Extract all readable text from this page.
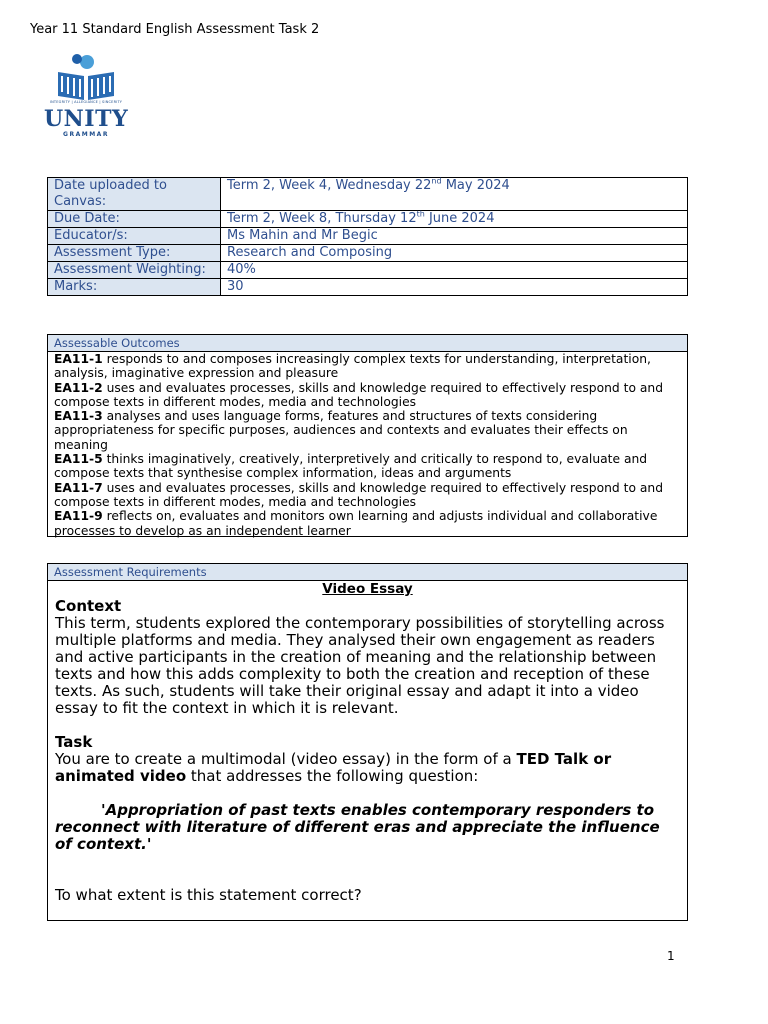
Year 11 Standard English Assessment Task 2
INTEGRITY | ALLEGIANCE | SINCERITY
UNITY
GRAMMAR
Date uploaded to Canvas:	Term 2, Week 4, Wednesday 22nd May 2024
Due Date:	Term 2, Week 8, Thursday 12th June 2024
Educator/s:	Ms Mahin and Mr Begic
Assessment Type:	Research and Composing
Assessment Weighting:	40%
Marks:	30
Assessable Outcomes
EA11-1 responds to and composes increasingly complex texts for understanding, interpretation, analysis, imaginative expression and pleasure
EA11-2 uses and evaluates processes, skills and knowledge required to effectively respond to and compose texts in different modes, media and technologies
EA11-3 analyses and uses language forms, features and structures of texts considering appropriateness for specific purposes, audiences and contexts and evaluates their effects on meaning
EA11-5 thinks imaginatively, creatively, interpretively and critically to respond to, evaluate and compose texts that synthesise complex information, ideas and arguments
EA11-7 uses and evaluates processes, skills and knowledge required to effectively respond to and compose texts in different modes, media and technologies
EA11-9 reflects on, evaluates and monitors own learning and adjusts individual and collaborative processes to develop as an independent learner
Assessment Requirements
Video Essay
Context
This term, students explored the contemporary possibilities of storytelling across multiple platforms and media. They analysed their own engagement as readers and active participants in the creation of meaning and the relationship between texts and how this adds complexity to both the creation and reception of these texts. As such, students will take their original essay and adapt it into a video essay to fit the context in which it is relevant.
Task
You are to create a multimodal (video essay) in the form of a TED Talk or animated video that addresses the following question:
'Appropriation of past texts enables contemporary responders to reconnect with literature of different eras and appreciate the influence of context.'
To what extent is this statement correct?
1
